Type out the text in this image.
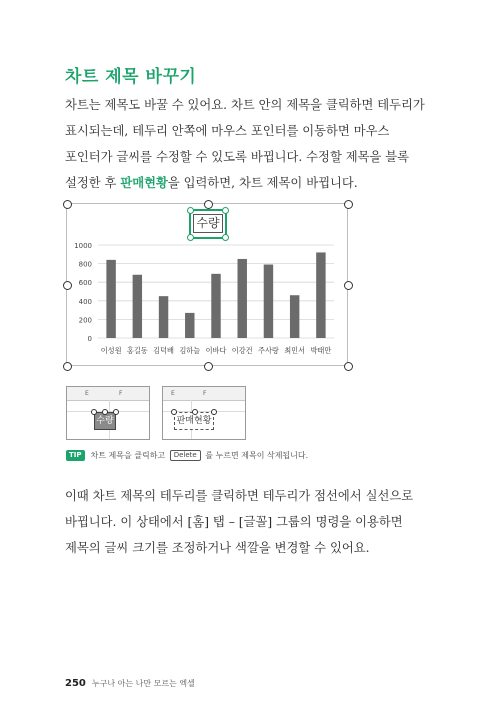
차트 제목 바꾸기
차트는 제목도 바꿀 수 있어요. 차트 안의 제목을 클릭하면 테두리가 표시되는데, 테두리 안쪽에 마우스 포인터를 이동하면 마우스 포인터가 글씨를 수정할 수 있도록 바뀝니다. 수정할 제목을 블록 설정한 후 판매현황을 입력하면, 차트 제목이 바뀝니다.
0
200
400
600
800
1000
이성원 홍길동 김덕배 김하늘 이바다 이강건 주사랑 최민서 박태만
수량
E	F
수량
E	F
판매현황
TIP 차트 제목을 클릭하고 Delete 를 누르면 제목이 삭제됩니다.
이때 차트 제목의 테두리를 클릭하면 테두리가 점선에서 실선으로 바뀝니다. 이 상태에서 [홈] 탭 – [글꼴] 그룹의 명령을 이용하면 제목의 글씨 크기를 조정하거나 색깔을 변경할 수 있어요.
250 누구나 아는 나만 모르는 엑셀
